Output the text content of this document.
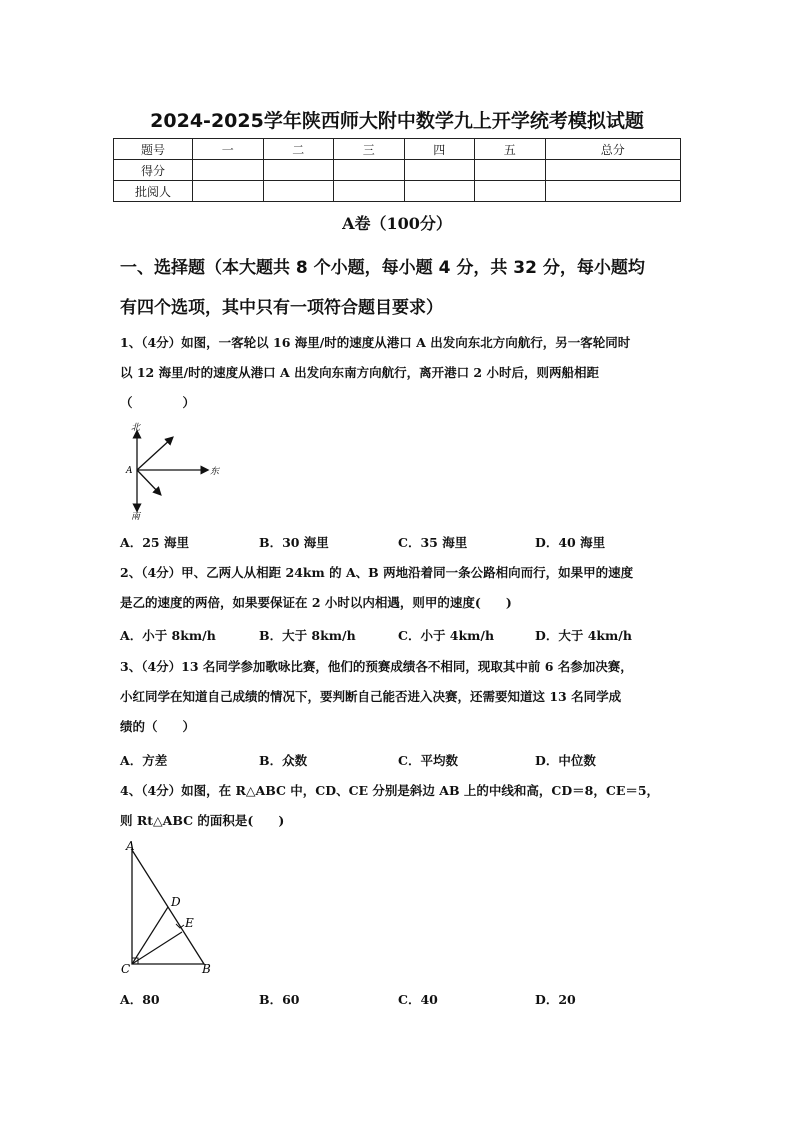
2024-2025学年陕西师大附中数学九上开学统考模拟试题
题号	一	二	三	四	五	总分
得分						
批阅人						
A卷（100分）
一、选择题（本大题共 8 个小题，每小题 4 分，共 32 分，每小题均
有四个选项，其中只有一项符合题目要求）
1、（4分）如图，一客轮以 16 海里/时的速度从港口 A 出发向东北方向航行，另一客轮同时
以 12 海里/时的速度从港口 A 出发向东南方向航行，离开港口 2 小时后，则两船相距
（　　　　）
北
南
东
A
A．25 海里	B．30 海里	C．35 海里	D．40 海里
2、（4分）甲、乙两人从相距 24km 的 A、B 两地沿着同一条公路相向而行，如果甲的速度
是乙的速度的两倍，如果要保证在 2 小时以内相遇，则甲的速度(　　)
A．小于 8km/h	B．大于 8km/h	C．小于 4km/h	D．大于 4km/h
3、（4分）13 名同学参加歌咏比赛，他们的预赛成绩各不相同，现取其中前 6 名参加决赛，
小红同学在知道自己成绩的情况下，要判断自己能否进入决赛，还需要知道这 13 名同学成
绩的（　　）
A．方差	B．众数	C．平均数	D．中位数
4、（4分）如图，在 R△ABC 中，CD、CE 分别是斜边 AB 上的中线和高，CD＝8，CE＝5，
则 Rt△ABC 的面积是(　　)
A
B
C
D
E
A．80	B．60	C．40	D．20
